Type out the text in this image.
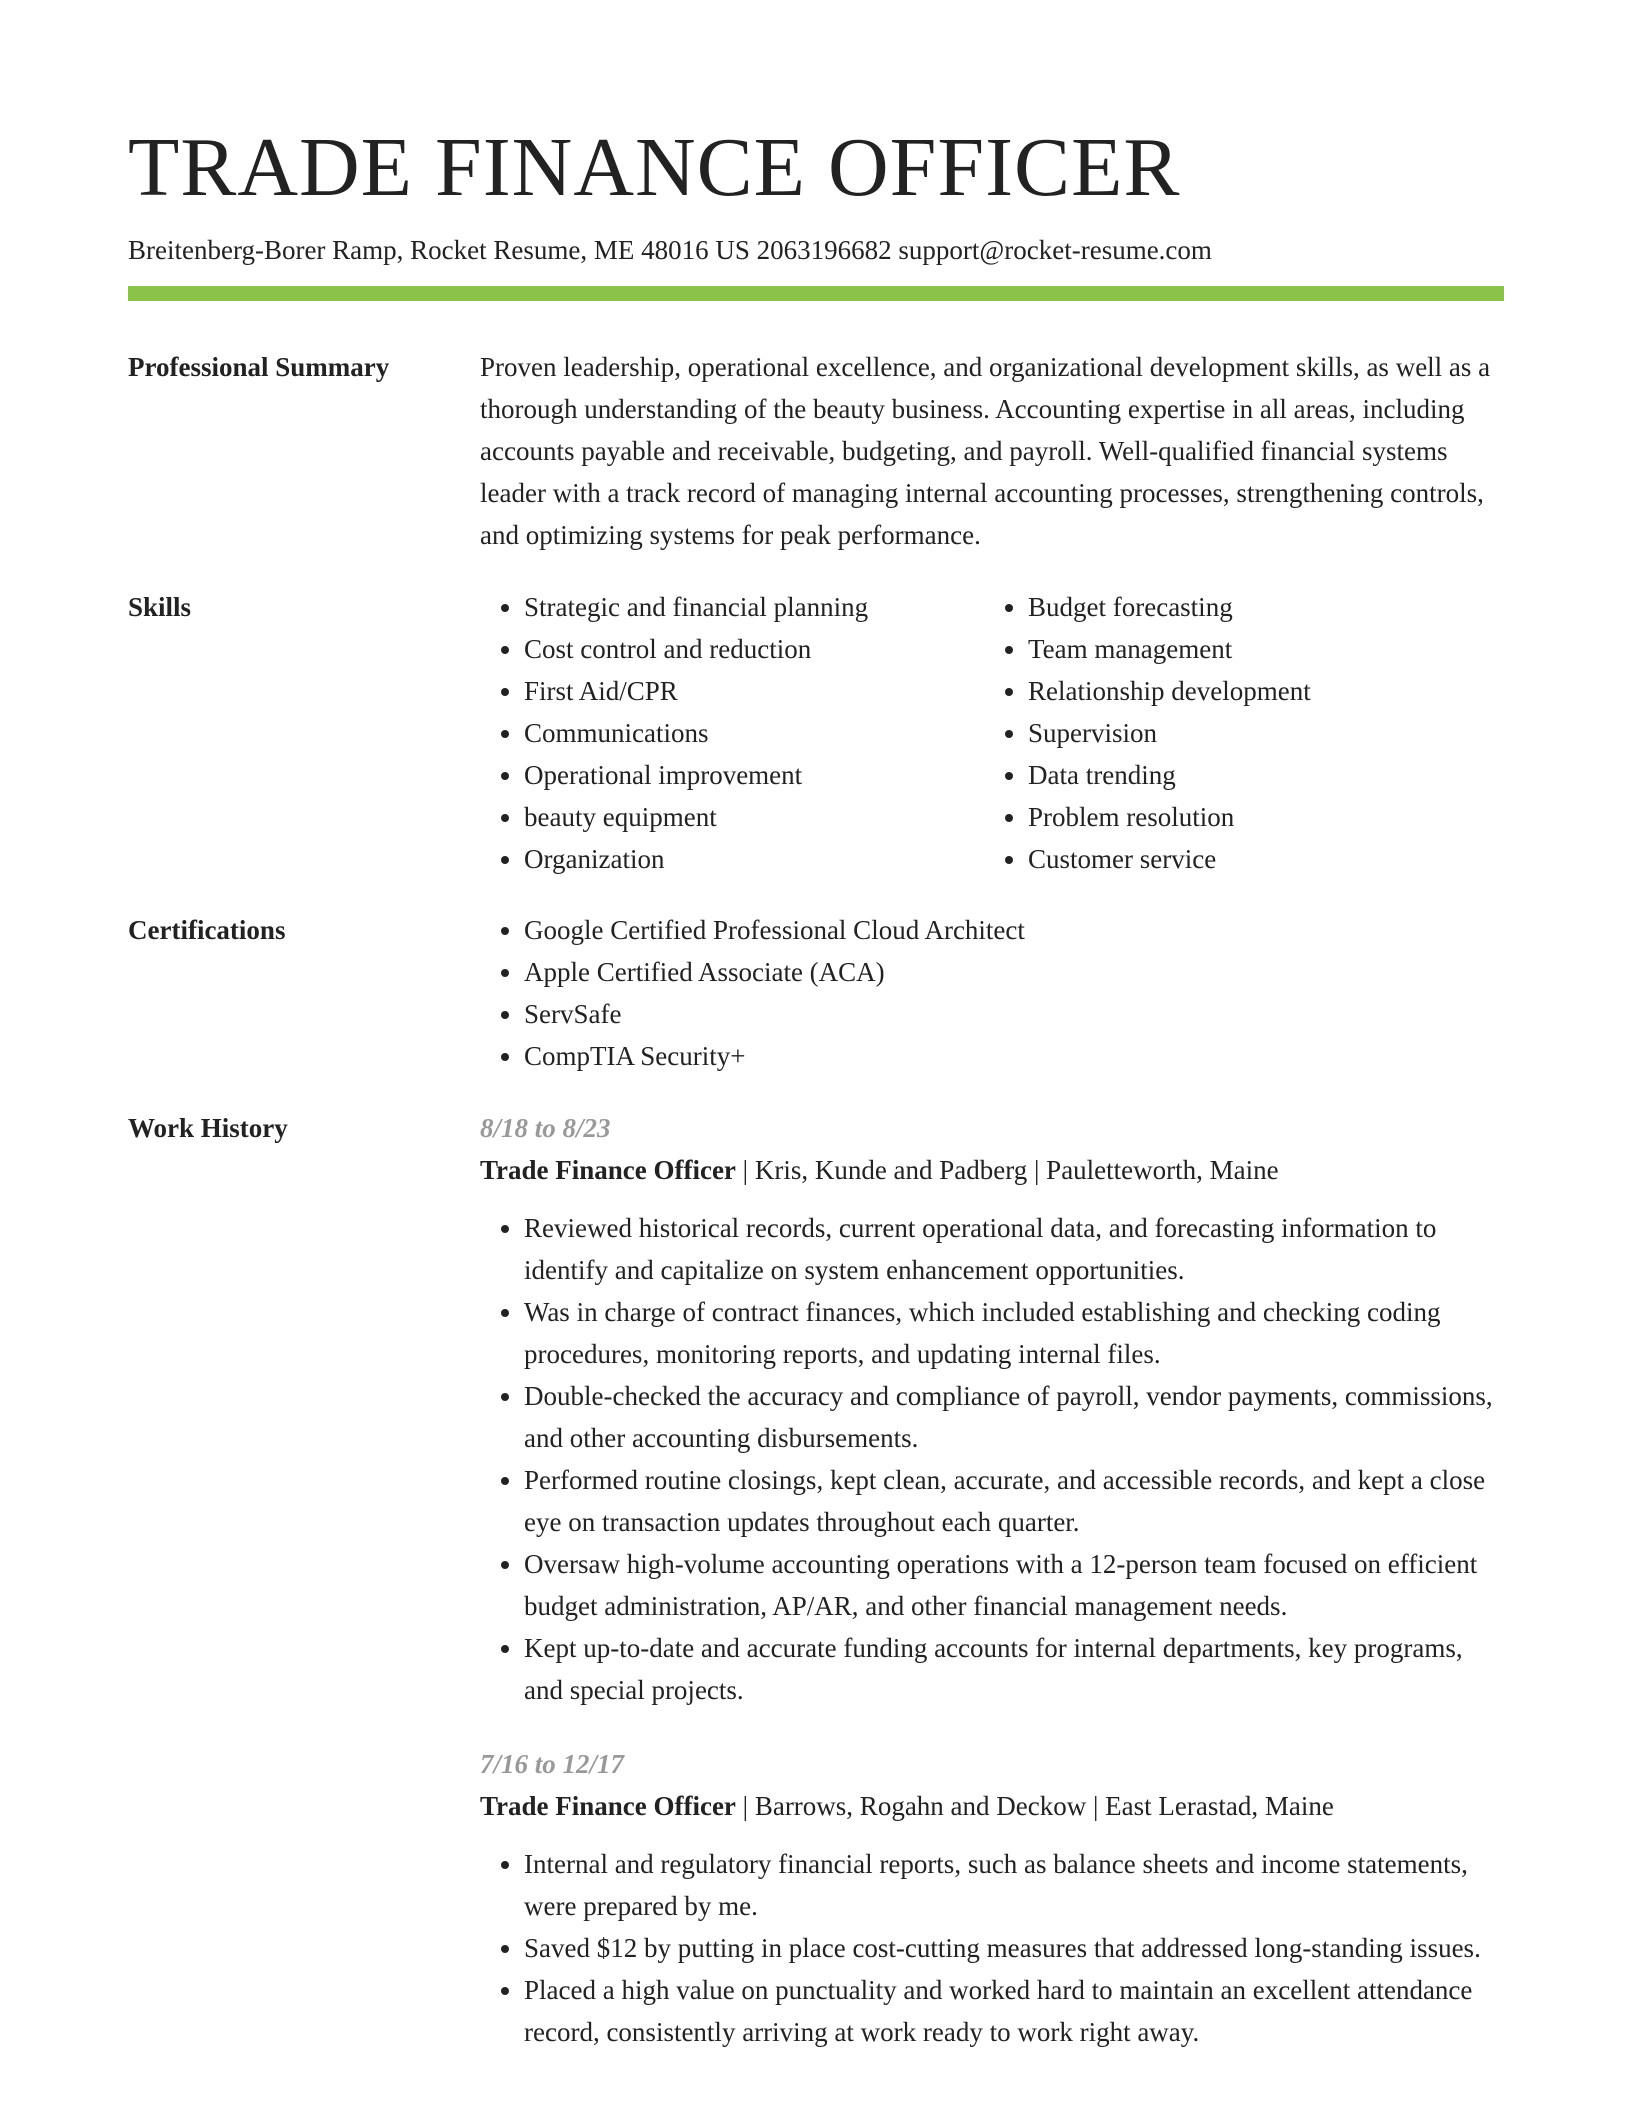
TRADE FINANCE OFFICER
Breitenberg-Borer Ramp, Rocket Resume, ME 48016 US 2063196682 support@rocket-resume.com
Professional Summary	Proven leadership, operational excellence, and organizational development skills, as well as a thorough understanding of the beauty business. Accounting expertise in all areas, including accounts payable and receivable, budgeting, and payroll. Well-qualified financial systems leader with a track record of managing internal accounting processes, strengthening controls, and optimizing systems for peak performance.

Skills	• Strategic and financial planning
• Cost control and reduction
• First Aid/CPR
• Communications
• Operational improvement
• beauty equipment
• Organization
• Budget forecasting
• Team management
• Relationship development
• Supervision
• Data trending
• Problem resolution
• Customer service
Certifications	• Google Certified Professional Cloud Architect
• Apple Certified Associate (ACA)
• ServSafe
• CompTIA Security+
Work History	8/18 to 8/23
Trade Finance Officer | Kris, Kunde and Padberg | Pauletteworth, Maine
• Reviewed historical records, current operational data, and forecasting information to identify and capitalize on system enhancement opportunities.
• Was in charge of contract finances, which included establishing and checking coding procedures, monitoring reports, and updating internal files.
• Double-checked the accuracy and compliance of payroll, vendor payments, commissions, and other accounting disbursements.
• Performed routine closings, kept clean, accurate, and accessible records, and kept a close eye on transaction updates throughout each quarter.
• Oversaw high-volume accounting operations with a 12-person team focused on efficient budget administration, AP/AR, and other financial management needs.
• Kept up-to-date and accurate funding accounts for internal departments, key programs, and special projects.
7/16 to 12/17
Trade Finance Officer | Barrows, Rogahn and Deckow | East Lerastad, Maine
• Internal and regulatory financial reports, such as balance sheets and income statements, were prepared by me.
• Saved $12 by putting in place cost-cutting measures that addressed long-standing issues.
• Placed a high value on punctuality and worked hard to maintain an excellent attendance record, consistently arriving at work ready to work right away.
